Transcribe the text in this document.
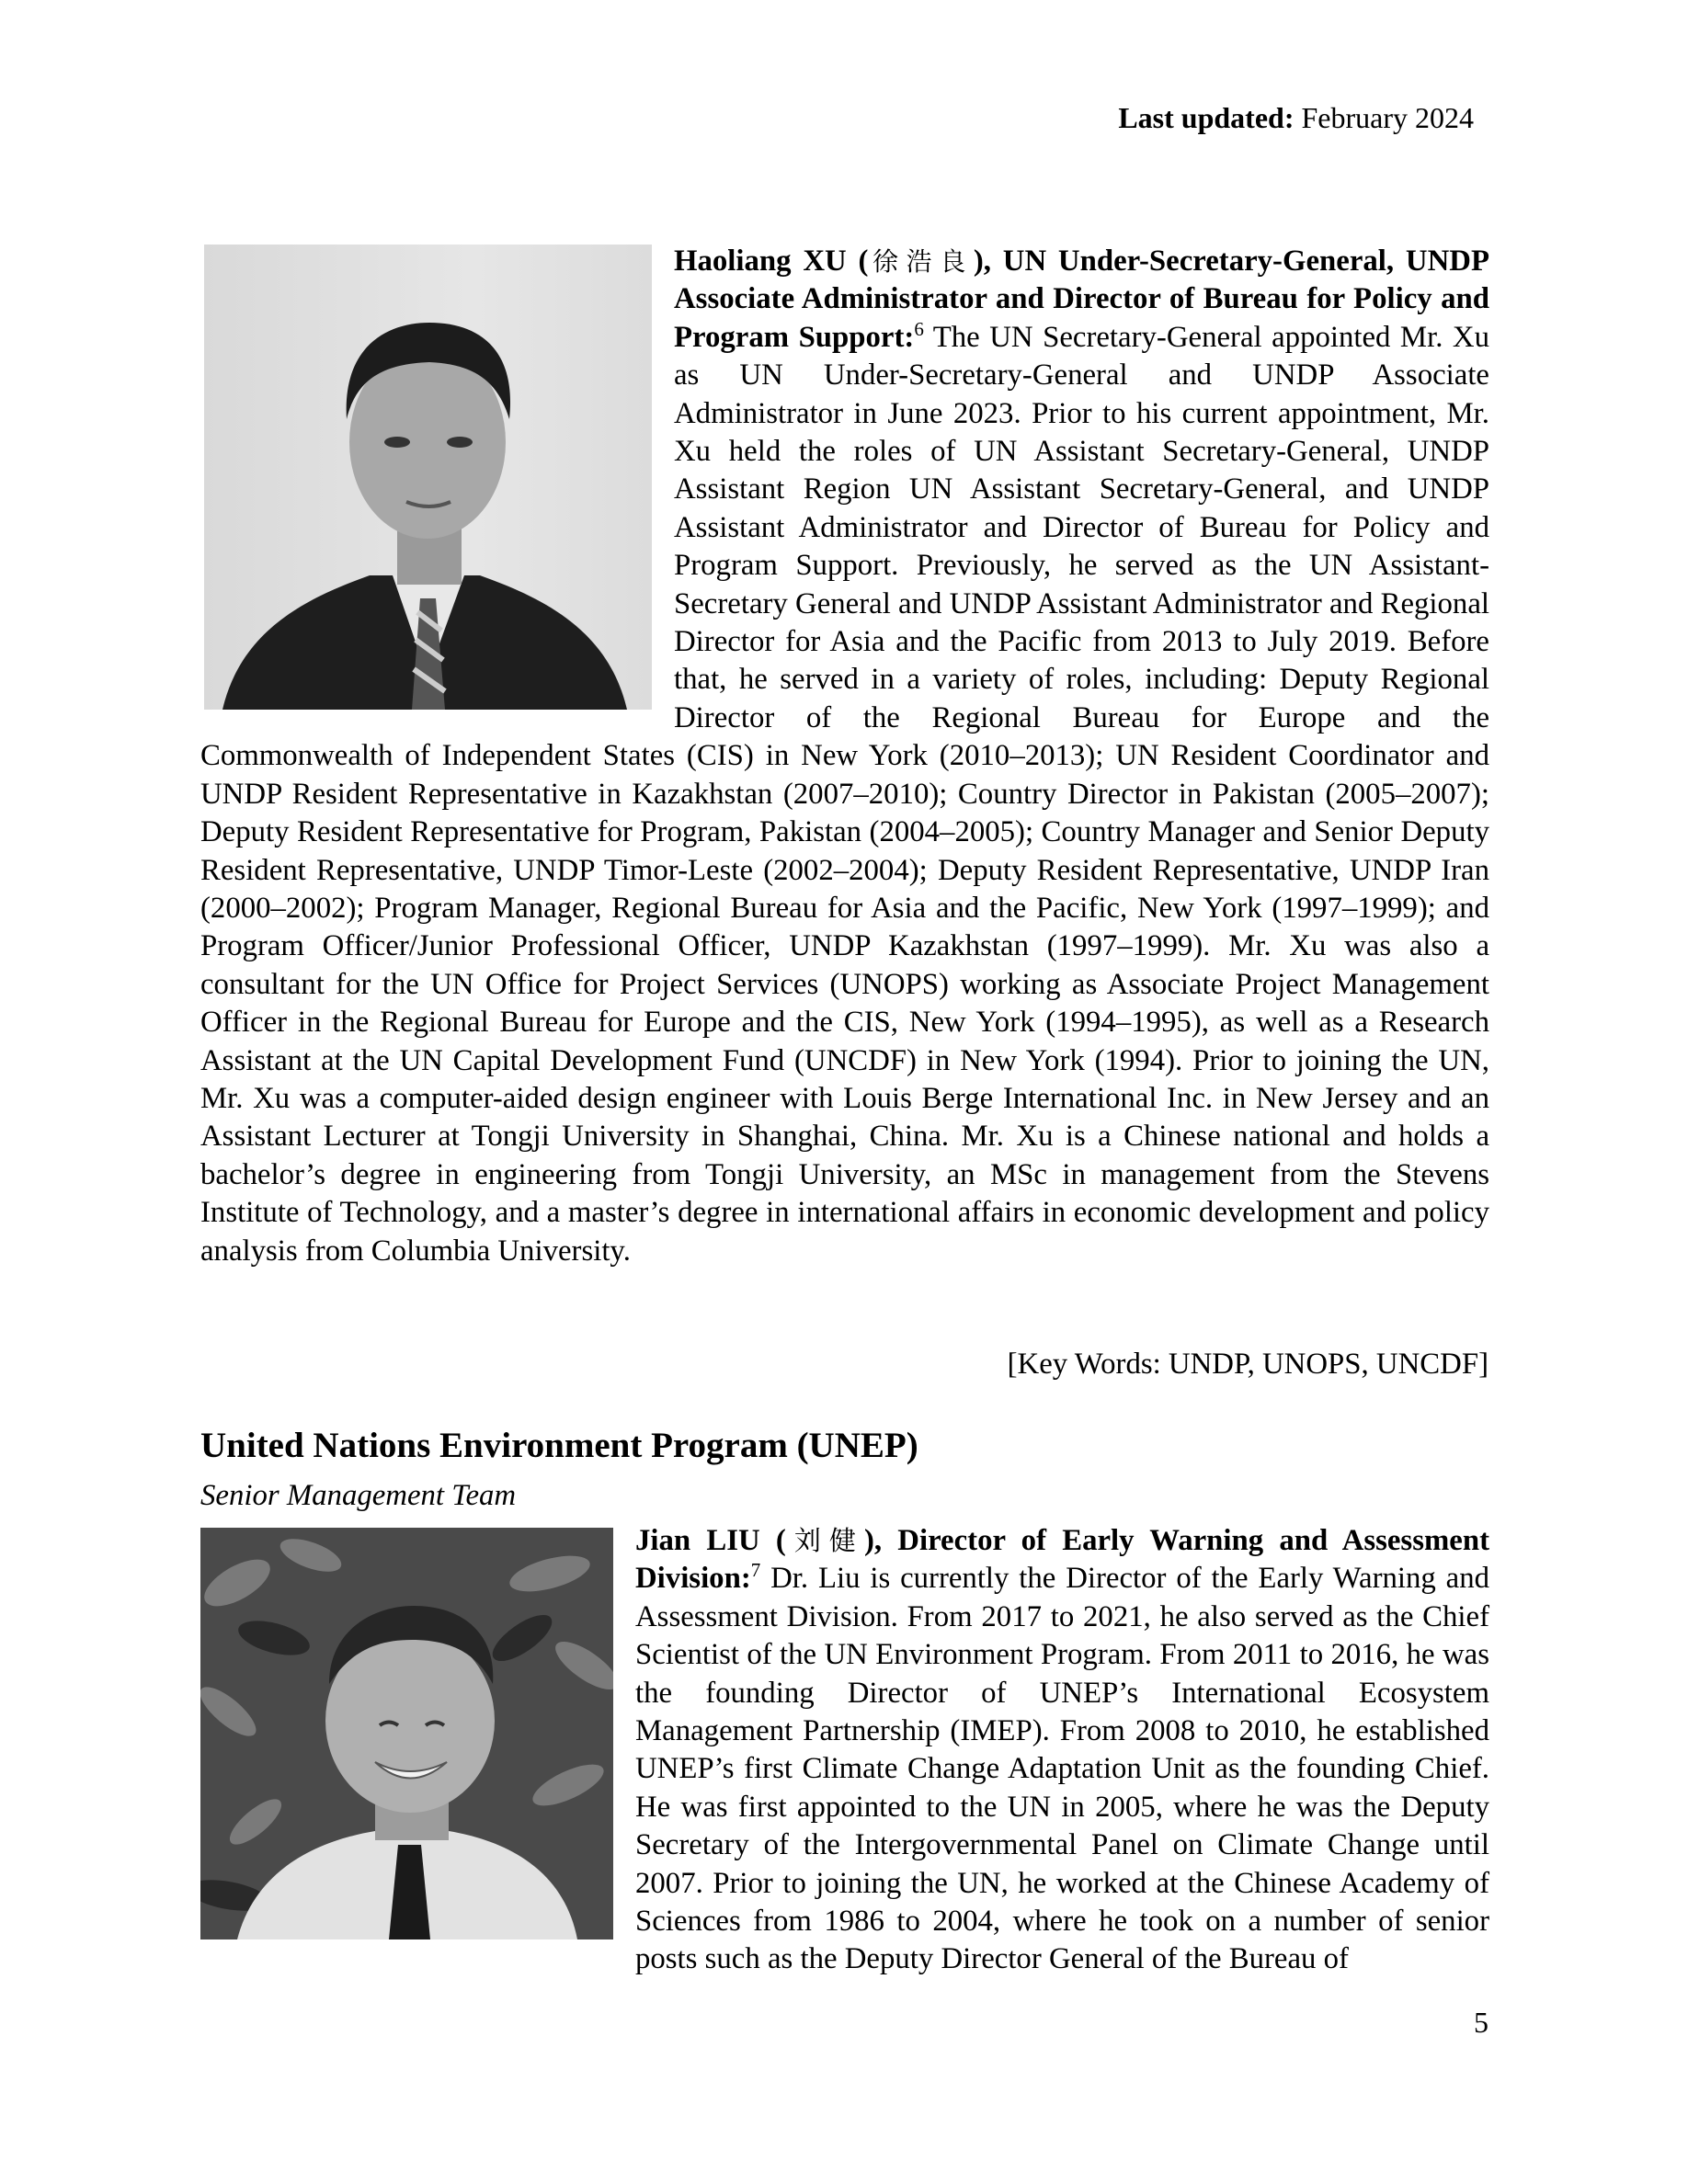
Last updated: February 2024

Haoliang XU (徐浩良), UN Under-Secretary-General, UNDP Associate Administrator and Director of Bureau for Policy and Program Support:$^6$ The UN Secretary-General appointed Mr. Xu as UN Under-Secretary-General and UNDP Associate Administrator in June 2023. Prior to his current appointment, Mr. Xu held the roles of UN Assistant Secretary-General, UNDP Assistant Region UN Assistant Secretary-General, and UNDP Assistant Administrator and Director of Bureau for Policy and Program Support. Previously, he served as the UN Assistant-Secretary General and UNDP Assistant Administrator and Regional Director for Asia and the Pacific from 2013 to July 2019. Before that, he served in a variety of roles, including: Deputy Regional Director of the Regional Bureau for Europe and the Commonwealth of Independent States (CIS) in New York (2010–2013); UN Resident Coordinator and UNDP Resident Representative in Kazakhstan (2007–2010); Country Director in Pakistan (2005–2007); Deputy Resident Representative for Program, Pakistan (2004–2005); Country Manager and Senior Deputy Resident Representative, UNDP Timor-Leste (2002–2004); Deputy Resident Representative, UNDP Iran (2000–2002); Program Manager, Regional Bureau for Asia and the Pacific, New York (1997–1999); and Program Officer/Junior Professional Officer, UNDP Kazakhstan (1997–1999). Mr. Xu was also a consultant for the UN Office for Project Services (UNOPS) working as Associate Project Management Officer in the Regional Bureau for Europe and the CIS, New York (1994–1995), as well as a Research Assistant at the UN Capital Development Fund (UNCDF) in New York (1994). Prior to joining the UN, Mr. Xu was a computer-aided design engineer with Louis Berge International Inc. in New Jersey and an Assistant Lecturer at Tongji University in Shanghai, China. Mr. Xu is a Chinese national and holds a bachelor’s degree in engineering from Tongji University, an MSc in management from the Stevens Institute of Technology, and a master’s degree in international affairs in economic development and policy analysis from Columbia University.

[Key Words: UNDP, UNOPS, UNCDF]
United Nations Environment Program (UNEP)

Senior Management Team

Jian LIU (刘健), Director of Early Warning and Assessment Division:$^7$ Dr. Liu is currently the Director of the Early Warning and Assessment Division. From 2017 to 2021, he also served as the Chief Scientist of the UN Environment Program. From 2011 to 2016, he was the founding Director of UNEP’s International Ecosystem Management Partnership (IMEP). From 2008 to 2010, he established UNEP’s first Climate Change Adaptation Unit as the founding Chief. He was first appointed to the UN in 2005, where he was the Deputy Secretary of the Intergovernmental Panel on Climate Change until 2007. Prior to joining the UN, he worked at the Chinese Academy of Sciences from 1986 to 2004, where he took on a number of senior posts such as the Deputy Director General of the Bureau of

5
